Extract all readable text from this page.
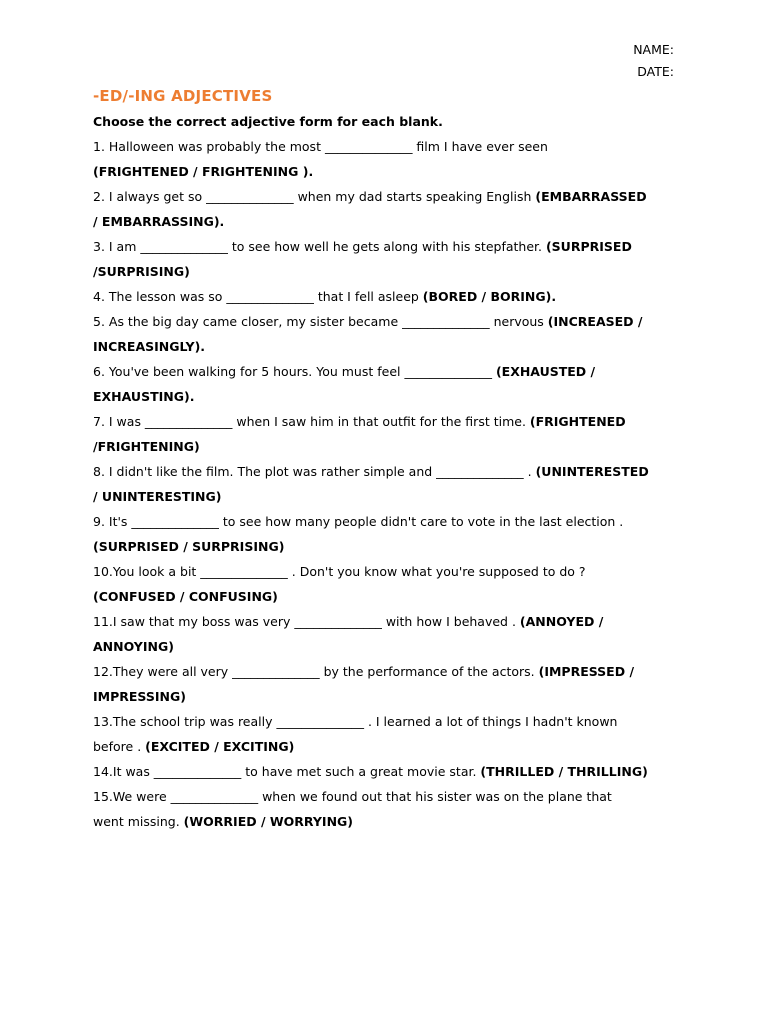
NAME:
DATE:
-ED/-ING ADJECTIVES
Choose the correct adjective form for each blank.
1. Halloween was probably the most ______________ film I have ever seen
(FRIGHTENED / FRIGHTENING ).
2. I always get so ______________ when my dad starts speaking English (EMBARRASSED
/ EMBARRASSING).
3. I am ______________ to see how well he gets along with his stepfather. (SURPRISED
/SURPRISING)
4. The lesson was so ______________ that I fell asleep (BORED / BORING).
5. As the big day came closer, my sister became ______________ nervous (INCREASED /
INCREASINGLY).
6. You've been walking for 5 hours. You must feel ______________ (EXHAUSTED /
EXHAUSTING).
7. I was ______________ when I saw him in that outfit for the first time. (FRIGHTENED
/FRIGHTENING)
8. I didn't like the film. The plot was rather simple and ______________ . (UNINTERESTED
/ UNINTERESTING)
9. It's ______________ to see how many people didn't care to vote in the last election .
(SURPRISED / SURPRISING)
10.You look a bit ______________ . Don't you know what you're supposed to do ?
(CONFUSED / CONFUSING)
11.I saw that my boss was very ______________ with how I behaved . (ANNOYED /
ANNOYING)
12.They were all very ______________ by the performance of the actors. (IMPRESSED /
IMPRESSING)
13.The school trip was really ______________ . I learned a lot of things I hadn't known
before . (EXCITED / EXCITING)
14.It was ______________ to have met such a great movie star. (THRILLED / THRILLING)
15.We were ______________ when we found out that his sister was on the plane that
went missing. (WORRIED / WORRYING)
